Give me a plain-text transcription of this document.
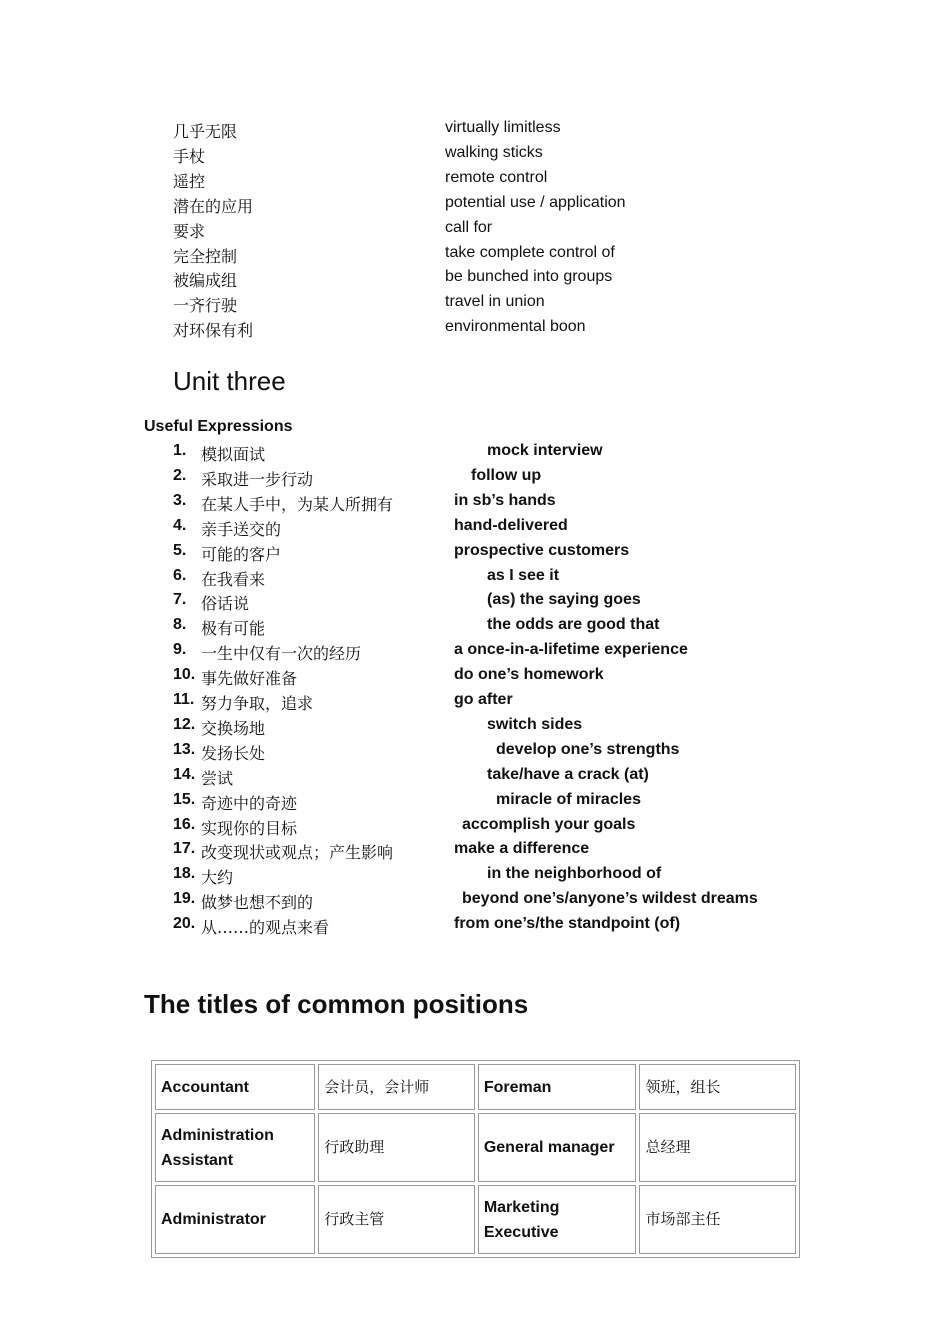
几乎无限	virtually limitless
手杖	walking sticks
遥控	remote control
潜在的应用	potential use / application
要求	call for
完全控制	take complete control of
被编成组	be bunched into groups
一齐行驶	travel in union
对环保有利	environmental boon
Unit three
Useful Expressions
1. 模拟面试	mock interview
2. 采取进一步行动	follow up
3. 在某人手中，为某人所拥有	in sb’s hands
4. 亲手送交的	hand-delivered
5. 可能的客户	prospective customers
6. 在我看来	as I see it
7. 俗话说	(as) the saying goes
8. 极有可能	the odds are good that
9. 一生中仅有一次的经历	a once-in-a-lifetime experience
10. 事先做好准备	do one’s homework
11. 努力争取，追求	go after
12. 交换场地	switch sides
13. 发扬长处	develop one’s strengths
14. 尝试	take/have a crack (at)
15. 奇迹中的奇迹	miracle of miracles
16. 实现你的目标	accomplish your goals
17. 改变现状或观点；产生影响	make a difference
18. 大约	in the neighborhood of
19. 做梦也想不到的	beyond one’s/anyone’s wildest dreams
20. 从……的观点来看	from one’s/the standpoint (of)
The titles of common positions
Accountant	会计员，会计师	Foreman	领班，组长
Administration Assistant	行政助理	General manager	总经理
Administrator	行政主管	Marketing Executive	市场部主任
